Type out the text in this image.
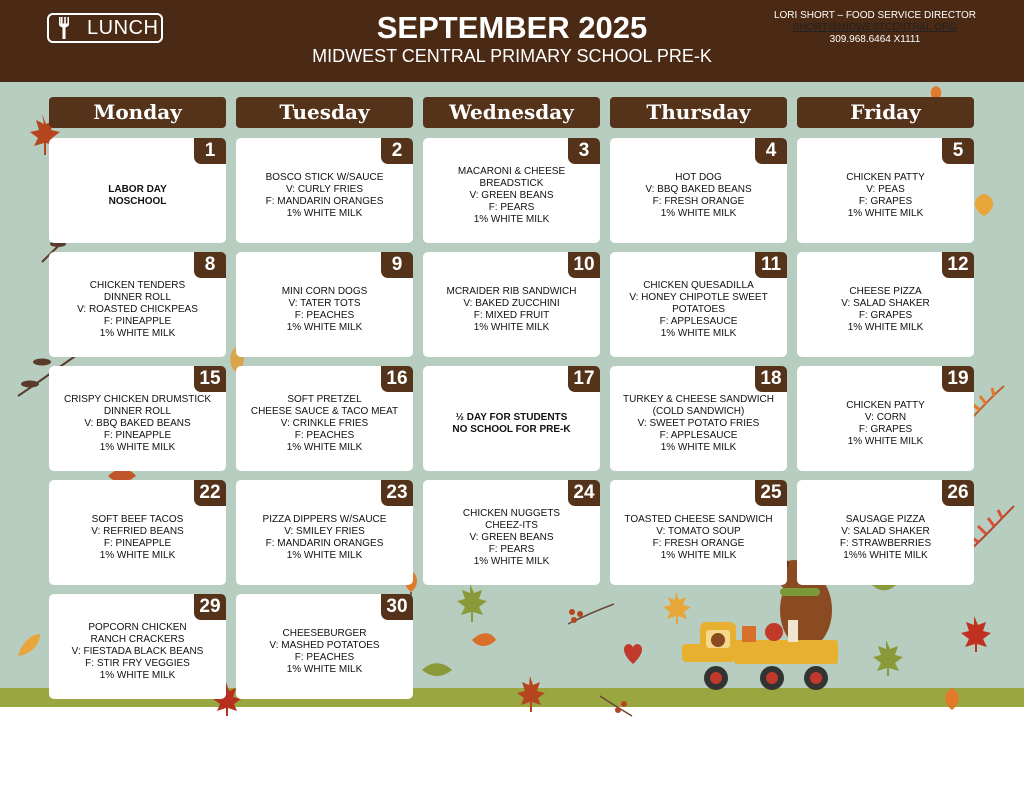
LUNCH	SEPTEMBER 2025
MIDWEST CENTRAL PRIMARY SCHOOL PRE-K
LORI SHORT – FOOD SERVICE DIRECTOR
SHORT@MIDWESTCENTRAL.ORG
309.968.6464 X1111
Monday	Tuesday	Wednesday	Thursday	Friday
1
LABOR DAY
NOSCHOOL
2
BOSCO STICK W/SAUCE
V: CURLY FRIES
F: MANDARIN ORANGES
1% WHITE MILK
3
MACARONI & CHEESE
BREADSTICK
V: GREEN BEANS
F: PEARS
1% WHITE MILK
4
HOT DOG
V: BBQ BAKED BEANS
F: FRESH ORANGE
1% WHITE MILK
5
CHICKEN PATTY
V: PEAS
F: GRAPES
1% WHITE MILK
8
CHICKEN TENDERS
DINNER ROLL
V: ROASTED CHICKPEAS
F: PINEAPPLE
1% WHITE MILK
9
MINI CORN DOGS
V: TATER TOTS
F: PEACHES
1% WHITE MILK
10
MCRAIDER RIB SANDWICH
V: BAKED ZUCCHINI
F: MIXED FRUIT
1% WHITE MILK
11
CHICKEN QUESADILLA
V: HONEY CHIPOTLE SWEET
POTATOES
F: APPLESAUCE
1% WHITE MILK
12
CHEESE PIZZA
V: SALAD SHAKER
F: GRAPES
1% WHITE MILK
15
CRISPY CHICKEN DRUMSTICK
DINNER ROLL
V: BBQ BAKED BEANS
F: PINEAPPLE
1% WHITE MILK
16
SOFT PRETZEL
CHEESE SAUCE & TACO MEAT
V: CRINKLE FRIES
F: PEACHES
1% WHITE MILK
17
½ DAY FOR STUDENTS
NO SCHOOL FOR PRE-K
18
TURKEY & CHEESE SANDWICH
(COLD SANDWICH)
V: SWEET POTATO FRIES
F: APPLESAUCE
1% WHITE MILK
19
CHICKEN PATTY
V: CORN
F: GRAPES
1% WHITE MILK
22
SOFT BEEF TACOS
V: REFRIED BEANS
F: PINEAPPLE
1% WHITE MILK
23
PIZZA DIPPERS W/SAUCE
V: SMILEY FRIES
F: MANDARIN ORANGES
1% WHITE MILK
24
CHICKEN NUGGETS
CHEEZ-ITS
V: GREEN BEANS
F: PEARS
1% WHITE MILK
25
TOASTED CHEESE SANDWICH
V: TOMATO SOUP
F: FRESH ORANGE
1% WHITE MILK
26
SAUSAGE PIZZA
V: SALAD SHAKER
F: STRAWBERRIES
1%% WHITE MILK
29
POPCORN CHICKEN
RANCH CRACKERS
V: FIESTADA BLACK BEANS
F: STIR FRY VEGGIES
1% WHITE MILK
30
CHEESEBURGER
V: MASHED POTATOES
F: PEACHES
1% WHITE MILK
